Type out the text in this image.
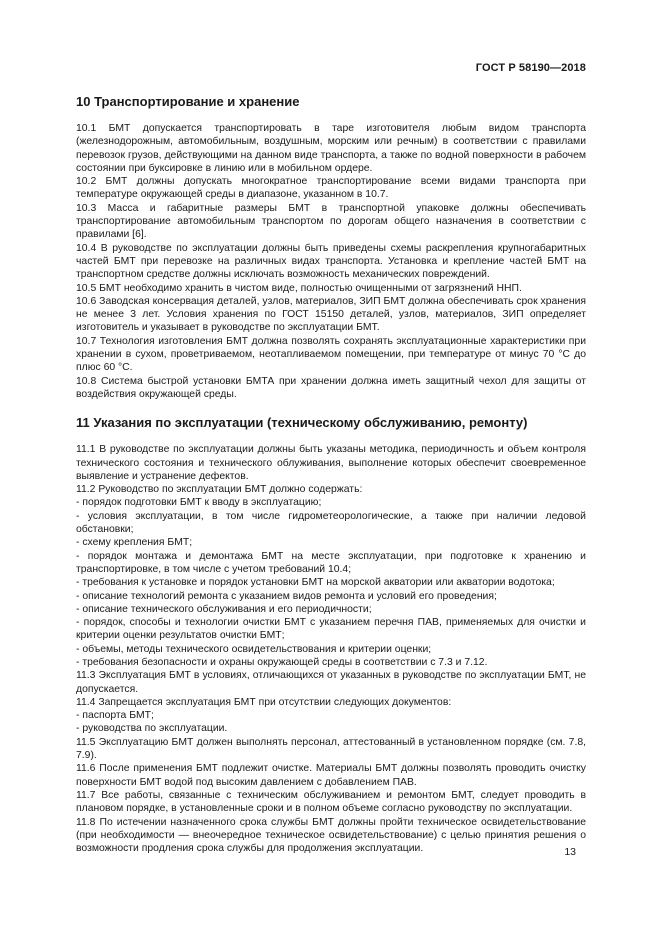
ГОСТ Р 58190—2018
10 Транспортирование и хранение

10.1 БМТ допускается транспортировать в таре изготовителя любым видом транспорта (железнодорожным, автомобильным, воздушным, морским или речным) в соответствии с правилами перевозок грузов, действующими на данном виде транспорта, а также по водной поверхности в рабочем состоянии при буксировке в линию или в мобильном ордере.

10.2 БМТ должны допускать многократное транспортирование всеми видами транспорта при температуре окружающей среды в диапазоне, указанном в 10.7.

10.3 Масса и габаритные размеры БМТ в транспортной упаковке должны обеспечивать транспортирование автомобильным транспортом по дорогам общего назначения в соответствии с правилами [6].

10.4 В руководстве по эксплуатации должны быть приведены схемы раскрепления крупногабаритных частей БМТ при перевозке на различных видах транспорта. Установка и крепление частей БМТ на транспортном средстве должны исключать возможность механических повреждений.

10.5 БМТ необходимо хранить в чистом виде, полностью очищенными от загрязнений ННП.

10.6 Заводская консервация деталей, узлов, материалов, ЗИП БМТ должна обеспечивать срок хранения не менее 3 лет. Условия хранения по ГОСТ 15150 деталей, узлов, материалов, ЗИП определяет изготовитель и указывает в руководстве по эксплуатации БМТ.

10.7 Технология изготовления БМТ должна позволять сохранять эксплуатационные характеристики при хранении в сухом, проветриваемом, неотапливаемом помещении, при температуре от минус 70 °С до плюс 60 °С.

10.8 Система быстрой установки БМТА при хранении должна иметь защитный чехол для защиты от воздействия окружающей среды.

11 Указания по эксплуатации (техническому обслуживанию, ремонту)

11.1 В руководстве по эксплуатации должны быть указаны методика, периодичность и объем контроля технического состояния и технического облуживания, выполнение которых обеспечит своевременное выявление и устранение дефектов.

11.2 Руководство по эксплуатации БМТ должно содержать:

- порядок подготовки БМТ к вводу в эксплуатацию;

- условия эксплуатации, в том числе гидрометеорологические, а также при наличии ледовой обстановки;

- схему крепления БМТ;

- порядок монтажа и демонтажа БМТ на месте эксплуатации, при подготовке к хранению и транспортировке, в том числе с учетом требований 10.4;

- требования к установке и порядок установки БМТ на морской акватории или акватории водотока;

- описание технологий ремонта с указанием видов ремонта и условий его проведения;

- описание технического обслуживания и его периодичности;

- порядок, способы и технологии очистки БМТ с указанием перечня ПАВ, применяемых для очистки и критерии оценки результатов очистки БМТ;

- объемы, методы технического освидетельствования и критерии оценки;

- требования безопасности и охраны окружающей среды в соответствии с 7.3 и 7.12.

11.3 Эксплуатация БМТ в условиях, отличающихся от указанных в руководстве по эксплуатации БМТ, не допускается.

11.4 Запрещается эксплуатация БМТ при отсутствии следующих документов:

- паспорта БМТ;

- руководства по эксплуатации.

11.5 Эксплуатацию БМТ должен выполнять персонал, аттестованный в установленном порядке (см. 7.8, 7.9).

11.6 После применения БМТ подлежит очистке. Материалы БМТ должны позволять проводить очистку поверхности БМТ водой под высоким давлением с добавлением ПАВ.

11.7 Все работы, связанные с техническим обслуживанием и ремонтом БМТ, следует проводить в плановом порядке, в установленные сроки и в полном объеме согласно руководству по эксплуатации.

11.8 По истечении назначенного срока службы БМТ должны пройти техническое освидетельствование (при необходимости — внеочередное техническое освидетельствование) с целью принятия решения о возможности продления срока службы для продолжения эксплуатации.	13
